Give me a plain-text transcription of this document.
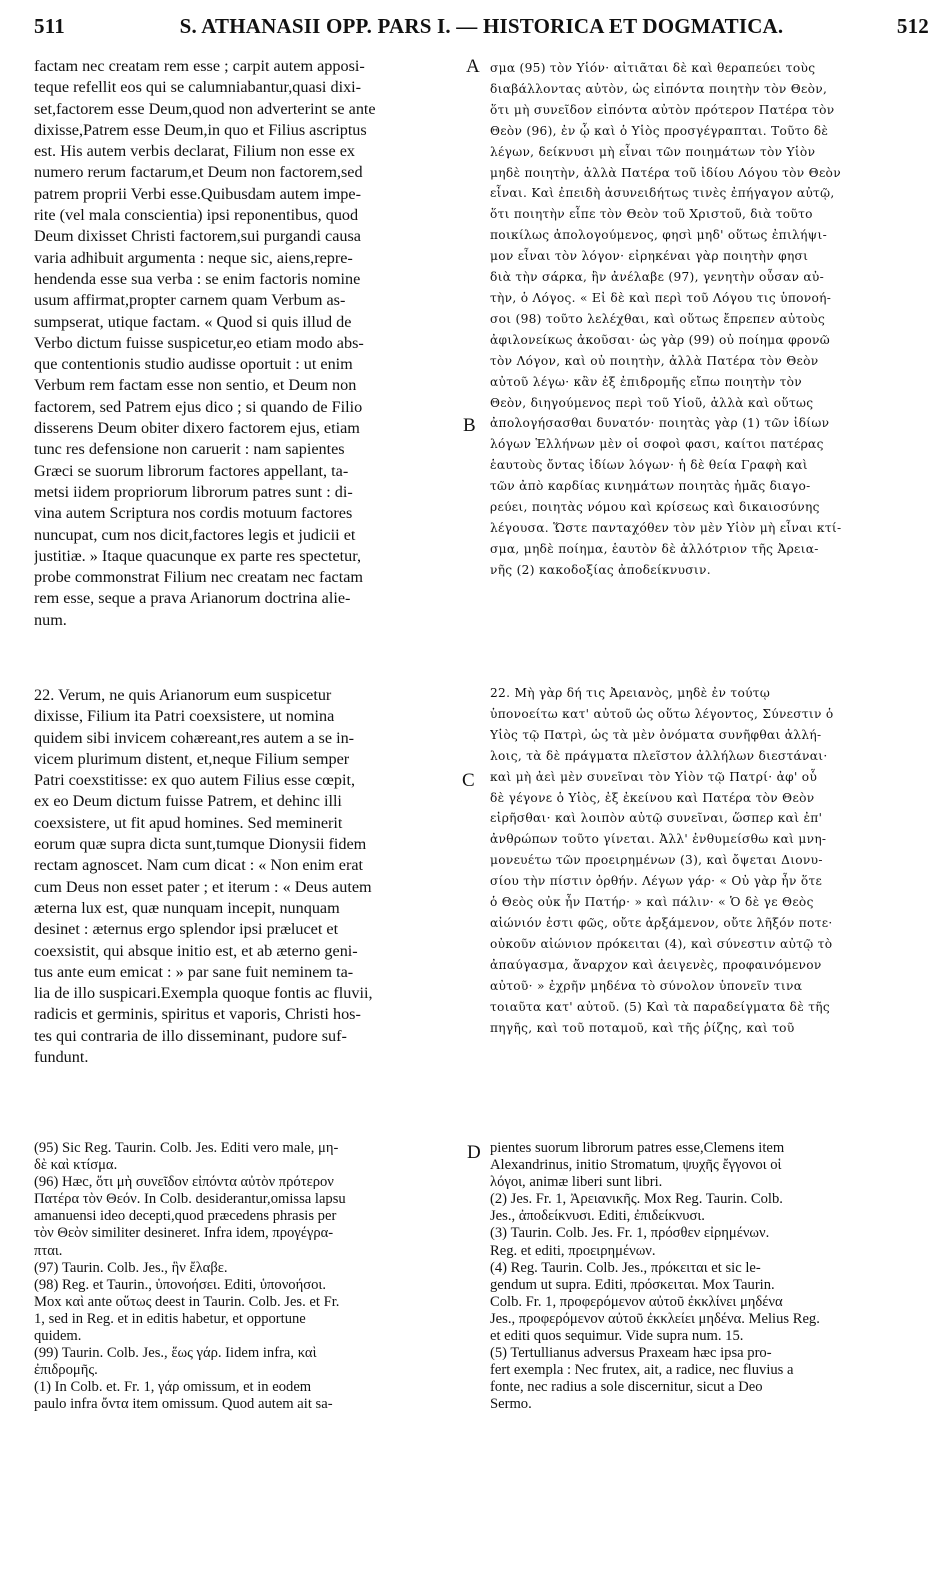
511	S. ATHANASII OPP. PARS I. — HISTORICA ET DOGMATICA.	512

factam nec creatam rem esse ; carpit autem apposi-
teque refellit eos qui se calumniabantur,quasi dixi-
set,factorem esse Deum,quod non adverterint se ante
dixisse,Patrem esse Deum,in quo et Filius ascriptus
est. His autem verbis declarat, Filium non esse ex
numero rerum factarum,et Deum non factorem,sed
patrem proprii Verbi esse.Quibusdam autem impe-
rite (vel mala conscientia) ipsi reponentibus, quod
Deum dixisset Christi factorem,sui purgandi causa
varia adhibuit argumenta : neque sic, aiens,repre-
hendenda esse sua verba : se enim factoris nomine
usum affirmat,propter carnem quam Verbum as-
sumpserat, utique factam. « Quod si quis illud de
Verbo dictum fuisse suspicetur,eo etiam modo abs-
que contentionis studio audisse oportuit : ut enim
Verbum rem factam esse non sentio, et Deum non
factorem, sed Patrem ejus dico ; si quando de Filio
disserens Deum obiter dixero factorem ejus, etiam
tunc res defensione non caruerit : nam sapientes
Græci se suorum librorum factores appellant, ta-
metsi iidem propriorum librorum patres sunt : di-
vina autem Scriptura nos cordis motuum factores
nuncupat, cum nos dicit,factores legis et judicii et
justitiæ. » Itaque quacunque ex parte res spectetur,
probe commonstrat Filium nec creatam nec factam
rem esse, seque a prava Arianorum doctrina alie-
num.

σμα (95) τὸν Υἱόν· αἰτιᾶται δὲ καὶ θεραπεύει τοὺς
διαβάλλοντας αὐτὸν, ὡς εἰπόντα ποιητὴν τὸν Θεὸν,
ὅτι μὴ συνεῖδον εἰπόντα αὐτὸν πρότερον Πατέρα τὸν
Θεὸν (96), ἐν ᾧ καὶ ὁ Υἱὸς προσγέγραπται. Τοῦτο δὲ
λέγων, δείκνυσι μὴ εἶναι τῶν ποιημάτων τὸν Υἱὸν
μηδὲ ποιητὴν, ἀλλὰ Πατέρα τοῦ ἰδίου Λόγου τὸν Θεὸν
εἶναι. Καὶ ἐπειδὴ ἀσυνειδήτως τινὲς ἐπήγαγον αὐτῷ,
ὅτι ποιητὴν εἶπε τὸν Θεὸν τοῦ Χριστοῦ, διὰ τοῦτο
ποικίλως ἀπολογούμενος, φησὶ μηδ' οὕτως ἐπιλήψι-
μον εἶναι τὸν λόγον· εἰρηκέναι γὰρ ποιητὴν φησι
διὰ τὴν σάρκα, ἣν ἀνέλαβε (97), γενητὴν οὖσαν αὐ-
τὴν, ὁ Λόγος. « Εἰ δὲ καὶ περὶ τοῦ Λόγου τις ὑπονοή-
σοι (98) τοῦτο λελέχθαι, καὶ οὕτως ἔπρεπεν αὐτοὺς
ἀφιλονείκως ἀκοῦσαι· ὡς γὰρ (99) οὐ ποίημα φρονῶ
τὸν Λόγον, καὶ οὐ ποιητὴν, ἀλλὰ Πατέρα τὸν Θεὸν
αὐτοῦ λέγω· κἂν ἐξ ἐπιδρομῆς εἴπω ποιητὴν τὸν
Θεὸν, διηγούμενος περὶ τοῦ Υἱοῦ, ἀλλὰ καὶ οὕτως
ἀπολογήσασθαι δυνατόν· ποιητὰς γὰρ (1) τῶν ἰδίων
λόγων Ἑλλήνων μὲν οἱ σοφοὶ φασι, καίτοι πατέρας
ἑαυτοὺς ὄντας ἰδίων λόγων· ἡ δὲ θεία Γραφὴ καὶ
τῶν ἀπὸ καρδίας κινημάτων ποιητὰς ἡμᾶς διαγο-
ρεύει, ποιητὰς νόμου καὶ κρίσεως καὶ δικαιοσύνης
λέγουσα. Ὥστε πανταχόθεν τὸν μὲν Υἱὸν μὴ εἶναι κτί-
σμα, μηδὲ ποίημα, ἑαυτὸν δὲ ἀλλότριον τῆς Ἀρεια-
νῆς (2) κακοδοξίας ἀποδείκνυσιν.

A
B
C
D

22. Verum, ne quis Arianorum eum suspicetur
dixisse, Filium ita Patri coexsistere, ut nomina
quidem sibi invicem cohæreant,res autem a se in-
vicem plurimum distent, et,neque Filium semper
Patri coexstitisse: ex quo autem Filius esse cœpit,
ex eo Deum dictum fuisse Patrem, et dehinc illi
coexsistere, ut fit apud homines. Sed meminerit
eorum quæ supra dicta sunt,tumque Dionysii fidem
rectam agnoscet. Nam cum dicat : « Non enim erat
cum Deus non esset pater ; et iterum : « Deus autem
æterna lux est, quæ nunquam incepit, nunquam
desinet : æternus ergo splendor ipsi prælucet et
coexsistit, qui absque initio est, et ab æterno geni-
tus ante eum emicat : » par sane fuit neminem ta-
lia de illo suspicari.Exempla quoque fontis ac fluvii,
radicis et germinis, spiritus et vaporis, Christi hos-
tes qui contraria de illo disseminant, pudore suf-
fundunt.

22. Μὴ γὰρ δή τις Ἀρειανὸς, μηδὲ ἐν τούτῳ
ὑπονοείτω κατ' αὐτοῦ ὡς οὕτω λέγοντος, Σύνεστιν ὁ
Υἱὸς τῷ Πατρὶ, ὡς τὰ μὲν ὀνόματα συνῆφθαι ἀλλή-
λοις, τὰ δὲ πράγματα πλεῖστον ἀλλήλων διεστάναι·
καὶ μὴ ἀεὶ μὲν συνεῖναι τὸν Υἱὸν τῷ Πατρί· ἀφ' οὗ
δὲ γέγονε ὁ Υἱὸς, ἐξ ἐκείνου καὶ Πατέρα τὸν Θεὸν
εἰρῆσθαι· καὶ λοιπὸν αὐτῷ συνεῖναι, ὥσπερ καὶ ἐπ'
ἀνθρώπων τοῦτο γίνεται. Ἀλλ' ἐνθυμείσθω καὶ μνη-
μονευέτω τῶν προειρημένων (3), καὶ ὄψεται Διονυ-
σίου τὴν πίστιν ὀρθήν. Λέγων γάρ· « Οὐ γὰρ ἦν ὅτε
ὁ Θεὸς οὐκ ἦν Πατήρ· » καὶ πάλιν· « Ὁ δὲ γε Θεὸς
αἰώνιόν ἐστι φῶς, οὔτε ἀρξάμενον, οὔτε λῆξόν ποτε·
οὐκοῦν αἰώνιον πρόκειται (4), καὶ σύνεστιν αὐτῷ τὸ
ἀπαύγασμα, ἄναρχον καὶ ἀειγενὲς, προφαινόμενον
αὐτοῦ· » ἐχρῆν μηδένα τὸ σύνολον ὑπονεῖν τινα
τοιαῦτα κατ' αὐτοῦ. (5) Καὶ τὰ παραδείγματα δὲ τῆς
πηγῆς, καὶ τοῦ ποταμοῦ, καὶ τῆς ῥίζης, καὶ τοῦ

(95) Sic Reg. Taurin. Colb. Jes. Editi vero male, μη-
δὲ καὶ κτίσμα.
(96) Hæc, ὅτι μὴ συνεῖδον εἰπόντα αὐτὸν πρότερον
Πατέρα τὸν Θεόν. In Colb. desiderantur,omissa lapsu
amanuensi ideo decepti,quod præcedens phrasis per
τὸν Θεὸν similiter desineret. Infra idem, προγέγρα-
πται.
(97) Taurin. Colb. Jes., ἣν ἔλαβε.
(98) Reg. et Taurin., ὑπονοήσει. Editi, ὑπονοήσοι.
Mox καὶ ante οὕτως deest in Taurin. Colb. Jes. et Fr.
1, sed in Reg. et in editis habetur, et opportune
quidem.
(99) Taurin. Colb. Jes., ἕως γάρ. Iidem infra, καὶ
ἐπιδρομῆς.
(1) In Colb. et. Fr. 1, γάρ omissum, et in eodem
paulo infra ὄντα item omissum. Quod autem ait sa-

pientes suorum librorum patres esse,Clemens item
Alexandrinus, initio Stromatum, ψυχῆς ἔγγονοι οἱ
λόγοι, animæ liberi sunt libri.
(2) Jes. Fr. 1, Ἀρειανικῆς. Mox Reg. Taurin. Colb.
Jes., ἀποδείκνυσι. Editi, ἐπιδείκνυσι.
(3) Taurin. Colb. Jes. Fr. 1, πρόσθεν εἰρημένων.
Reg. et editi, προειρημένων.
(4) Reg. Taurin. Colb. Jes., πρόκειται et sic le-
gendum ut supra. Editi, πρόσκειται. Mox Taurin.
Colb. Fr. 1, προφερόμενον αὐτοῦ ἐκκλίνει μηδένα
Jes., προφερόμενον αὐτοῦ ἐκκλείει μηδένα. Melius Reg.
et editi quos sequimur. Vide supra num. 15.
(5) Tertullianus adversus Praxeam hæc ipsa pro-
fert exempla : Nec frutex, ait, a radice, nec fluvius a
fonte, nec radius a sole discernitur, sicut a Deo
Sermo.
